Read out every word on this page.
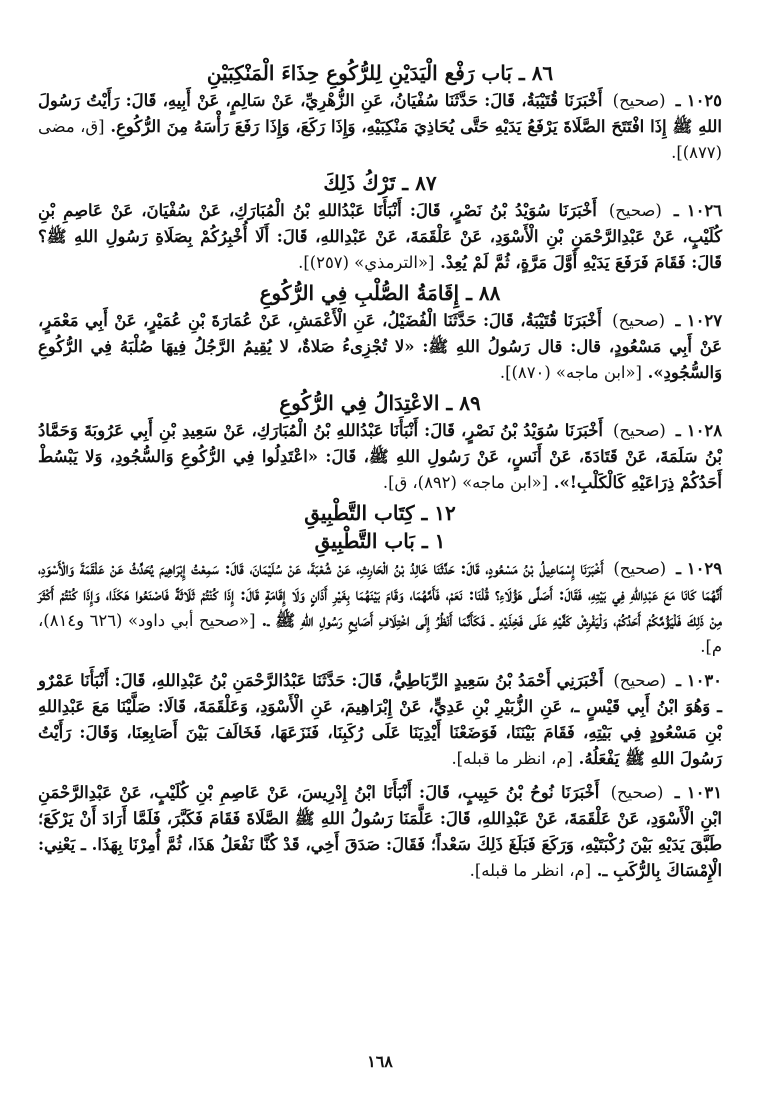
٨٦ ـ بَاب رَفْع الْيَدَيْنِ لِلرُّكُوعِ حِذَاءَ الْمَنْكِبَيْنِ
١٠٢٥ ـ (صحيح) أَخْبَرَنَا قُتَيْبَةُ، قَالَ: حَدَّثَنَا سُفْيَانُ، عَنِ الزُّهْرِيِّ، عَنْ سَالِمٍ، عَنْ أَبِيهِ، قَالَ: رَأَيْتُ رَسُولَ اللهِ ﷺ إِذَا افْتَتَحَ الصَّلَاةَ يَرْفَعُ يَدَيْهِ حَتَّى يُحَاذِيَ مَنْكِبَيْهِ، وَإِذَا رَكَعَ، وَإِذَا رَفَعَ رَأْسَهُ مِنَ الرُّكُوعِ. [ق، مضى (٨٧٧)].
٨٧ ـ تَرْكُ ذَلِكَ
١٠٢٦ ـ (صحيح) أَخْبَرَنَا سُوَيْدُ بْنُ نَصْرٍ، قَالَ: أَنْبَأَنَا عَبْدُاللهِ بْنُ الْمُبَارَكِ، عَنْ سُفْيَانَ، عَنْ عَاصِمِ بْنِ كُلَيْبٍ، عَنْ عَبْدِالرَّحْمَنِ بْنِ الْأَسْوَدِ، عَنْ عَلْقَمَةَ، عَنْ عَبْدِاللهِ، قَالَ: أَلَا أُخْبِرُكُمْ بِصَلَاةِ رَسُولِ اللهِ ﷺ؟ قَالَ: فَقَامَ فَرَفَعَ يَدَيْهِ أَوَّلَ مَرَّةٍ، ثُمَّ لَمْ يُعِدْ. [«الترمذي» (٢٥٧)].
٨٨ ـ إِقَامَةُ الصُّلْبِ فِي الرُّكُوعِ
١٠٢٧ ـ (صحيح) أَخْبَرَنَا قُتَيْبَةُ، قَالَ: حَدَّثَنَا الْفُضَيْلُ، عَنِ الْأَعْمَشِ، عَنْ عُمَارَةَ بْنِ عُمَيْرٍ، عَنْ أَبِي مَعْمَرٍ، عَنْ أَبِي مَسْعُودٍ، قال: قال رَسُولُ اللهِ ﷺ: «لا تُجْزِىءُ صَلاةٌ، لا يُقِيمُ الرَّجُلُ فِيهَا صُلْبَهُ فِي الرُّكُوعِ وَالسُّجُودِ». [«ابن ماجه» (٨٧٠)].
٨٩ ـ الاعْتِدَالُ فِي الرُّكُوعِ
١٠٢٨ ـ (صحيح) أَخْبَرَنَا سُوَيْدُ بْنُ نَصْرٍ، قَالَ: أَنْبَأَنَا عَبْدُاللهِ بْنُ الْمُبَارَكِ، عَنْ سَعِيدِ بْنِ أَبِي عَرُوبَةَ وَحَمَّادُ بْنُ سَلَمَةَ، عَنْ قَتَادَةَ، عَنْ أَنَسٍ، عَنْ رَسُولِ اللهِ ﷺ، قَالَ: «اعْتَدِلُوا فِي الرُّكُوعِ وَالسُّجُودِ، وَلا يَبْسُطْ أَحَدُكُمْ ذِرَاعَيْهِ كَالْكَلْبِ!». [«ابن ماجه» (٨٩٢)، ق].
١٢ ـ كِتَاب التَّطْبِيقِ
١ ـ بَاب التَّطْبِيقِ
١٠٢٩ ـ (صحيح) أَخْبَرَنَا إِسْمَاعِيلُ بْنُ مَسْعُودٍ، قَالَ: حَدَّثَنَا خَالِدُ بْنُ الْحَارِثِ، عَنْ شُعْبَةَ، عَنْ سُلَيْمَانَ، قَالَ: سَمِعْتُ إِبْرَاهِيمَ يُحَدِّثُ عَنْ عَلْقَمَةَ وَالْأَسْوَدِ، أَنَّهُمَا كَانَا مَعَ عَبْدِاللهِ فِي بَيْتِهِ، فَقَالَ: أَصَلَّى هَؤُلَاءِ؟ قُلْنَا: نَعَمْ، فَأَمَّهُمَا، وَقَامَ بَيْنَهُمَا بِغَيْرِ أَذَانٍ وَلَا إِقَامَةٍ قَالَ: إِذَا كُنْتُمْ ثَلَاثَةً فَاصْنَعُوا هَكَذَا، وَإِذَا كُنْتُمْ أَكْثَرَ مِنْ ذَلِكَ فَلْيَؤُمَّكُمْ أَحَدُكُمْ، وَلْيَفْرِشْ كَفَّيْهِ عَلَى فَخِذَيْهِ ـ فَكَأَنَّمَا أَنْظُرُ إِلَى اخْتِلَافِ أَصَابِعِ رَسُولِ اللهِ ﷺ ـ. [«صحيح أبي داود» (٦٢٦ و٨١٤)، م].
١٠٣٠ ـ (صحيح) أَخْبَرَنِي أَحْمَدُ بْنُ سَعِيدٍ الرِّبَاطِيُّ، قَالَ: حَدَّثَنَا عَبْدُالرَّحْمَنِ بْنُ عَبْدِاللهِ، قَالَ: أَنْبَأَنَا عَمْرٌو ـ وَهُوَ ابْنُ أَبِي قَيْسٍ ـ، عَنِ الزُّبَيْرِ بْنِ عَدِيٍّ، عَنْ إِبْرَاهِيمَ، عَنِ الْأَسْوَدِ، وَعَلْقَمَةَ، قَالَا: صَلَّيْنَا مَعَ عَبْدِاللهِ بْنِ مَسْعُودٍ فِي بَيْتِهِ، فَقَامَ بَيْنَنَا، فَوَضَعْنَا أَيْدِيَنَا عَلَى رُكَبِنَا، فَنَزَعَهَا، فَخَالَفَ بَيْنَ أَصَابِعِنَا، وَقَالَ: رَأَيْتُ رَسُولَ اللهِ ﷺ يَفْعَلُهُ. [م، انظر ما قبله].
١٠٣١ ـ (صحيح) أَخْبَرَنَا نُوحُ بْنُ حَبِيبٍ، قَالَ: أَنْبَأَنَا ابْنُ إِدْرِيسَ، عَنْ عَاصِمِ بْنِ كُلَيْبٍ، عَنْ عَبْدِالرَّحْمَنِ ابْنِ الْأَسْوَدِ، عَنْ عَلْقَمَةَ، عَنْ عَبْدِاللهِ، قَالَ: عَلَّمَنَا رَسُولُ اللهِ ﷺ الصَّلَاةَ فَقَامَ فَكَبَّرَ، فَلَمَّا أَرَادَ أَنْ يَرْكَعَ؛ طَبَّقَ يَدَيْهِ بَيْنَ رُكْبَتَيْهِ، وَرَكَعَ فَبَلَغَ ذَلِكَ سَعْداً؛ فَقَالَ: صَدَقَ أَخِي، قَدْ كُنَّا نَفْعَلُ هَذَا، ثُمَّ أُمِرْنَا بِهَذَا. ـ يَعْنِي: الْإِمْسَاكَ بِالرُّكَبِ ـ. [م، انظر ما قبله].
١٦٨
